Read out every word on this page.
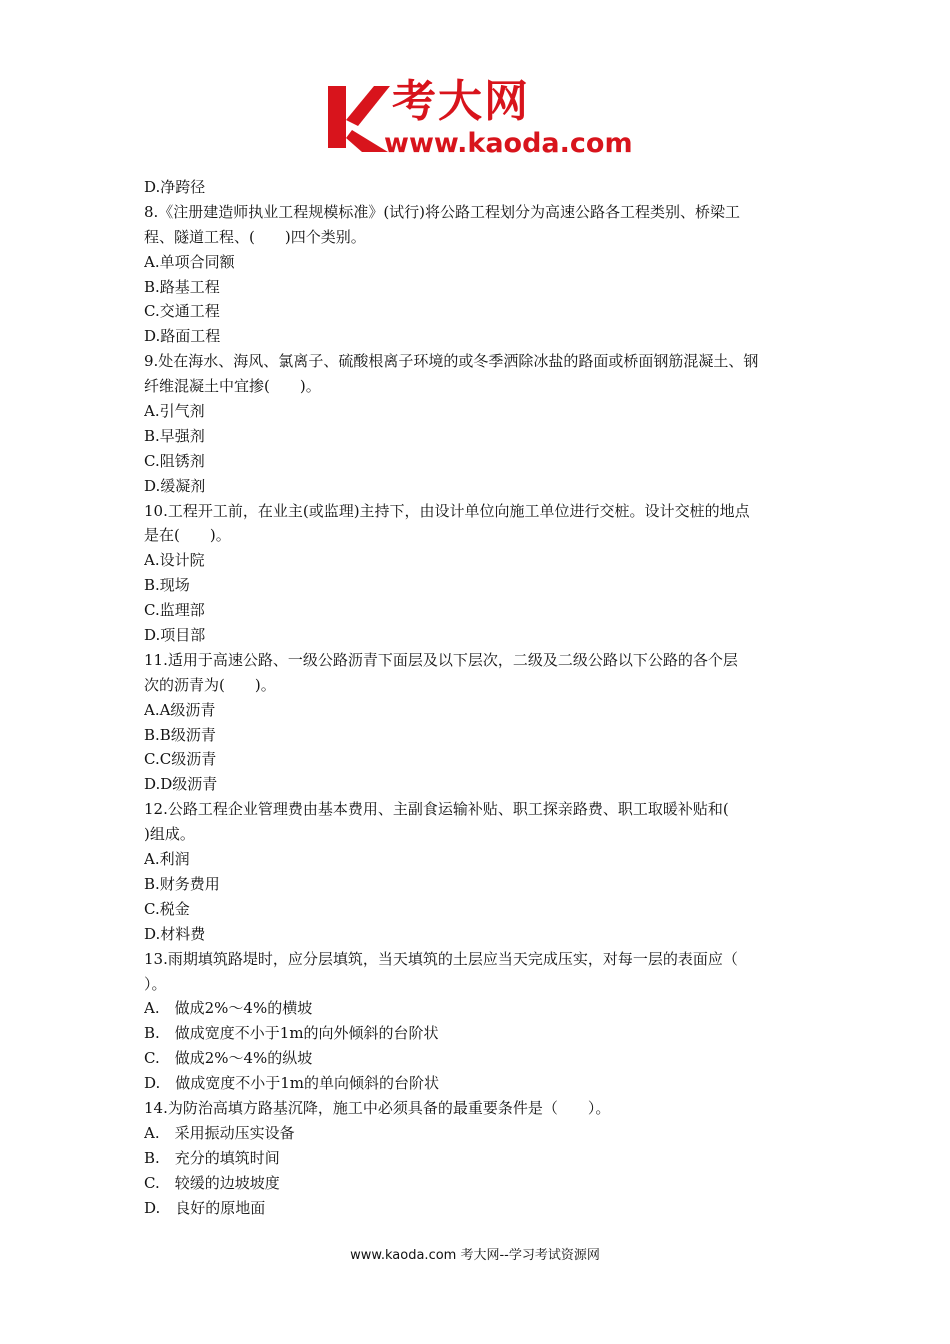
考大网
www.kaoda.com
D.净跨径
8.《注册建造师执业工程规模标准》(试行)将公路工程划分为高速公路各工程类别、桥梁工
程、隧道工程、(　　)四个类别。
A.单项合同额
B.路基工程
C.交通工程
D.路面工程
9.处在海水、海风、氯离子、硫酸根离子环境的或冬季洒除冰盐的路面或桥面钢筋混凝土、钢
纤维混凝土中宜掺(　　)。
A.引气剂
B.早强剂
C.阻锈剂
D.缓凝剂
10.工程开工前，在业主(或监理)主持下，由设计单位向施工单位进行交桩。设计交桩的地点
是在(　　)。
A.设计院
B.现场
C.监理部
D.项目部
11.适用于高速公路、一级公路沥青下面层及以下层次，二级及二级公路以下公路的各个层
次的沥青为(　　)。
A.A级沥青
B.B级沥青
C.C级沥青
D.D级沥青
12.公路工程企业管理费由基本费用、主副食运输补贴、职工探亲路费、职工取暖补贴和(
)组成。
A.利润
B.财务费用
C.税金
D.材料费
13.雨期填筑路堤时，应分层填筑，当天填筑的土层应当天完成压实，对每一层的表面应（
）。
A.　做成2%～4%的横坡
B.　做成宽度不小于1m的向外倾斜的台阶状
C.　做成2%～4%的纵坡
D.　做成宽度不小于1m的单向倾斜的台阶状
14.为防治高填方路基沉降，施工中必须具备的最重要条件是（　　）。
A.　采用振动压实设备
B.　充分的填筑时间
C.　较缓的边坡坡度
D.　良好的原地面
www.kaoda.com 考大网--学习考试资源网
